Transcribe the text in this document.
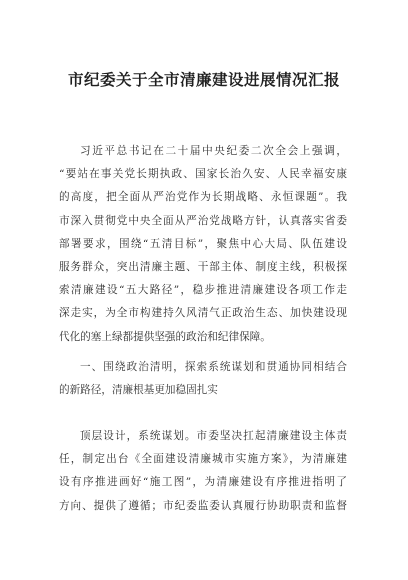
市纪委关于全市清廉建设进展情况汇报
习近平总书记在二十届中央纪委二次全会上强调，
“要站在事关党长期执政、国家长治久安、人民幸福安康
的高度，把全面从严治党作为长期战略、永恒课题”。我
市深入贯彻党中央全面从严治党战略方针，认真落实省委
部署要求，围绕“五清目标”，聚焦中心大局、队伍建设
服务群众，突出清廉主题、干部主体、制度主线，积极探
索清廉建设“五大路径”，稳步推进清廉建设各项工作走
深走实，为全市构建持久风清气正政治生态、加快建设现
代化的塞上绿都提供坚强的政治和纪律保障。
一、围绕政治清明，探索系统谋划和贯通协同相结合
的新路径，清廉根基更加稳固扎实
顶层设计，系统谋划。市委坚决扛起清廉建设主体责
任，制定出台《全面建设清廉城市实施方案》，为清廉建
设有序推进画好“施工图”，为清廉建设有序推进指明了
方向、提供了遵循；市纪委监委认真履行协助职责和监督
